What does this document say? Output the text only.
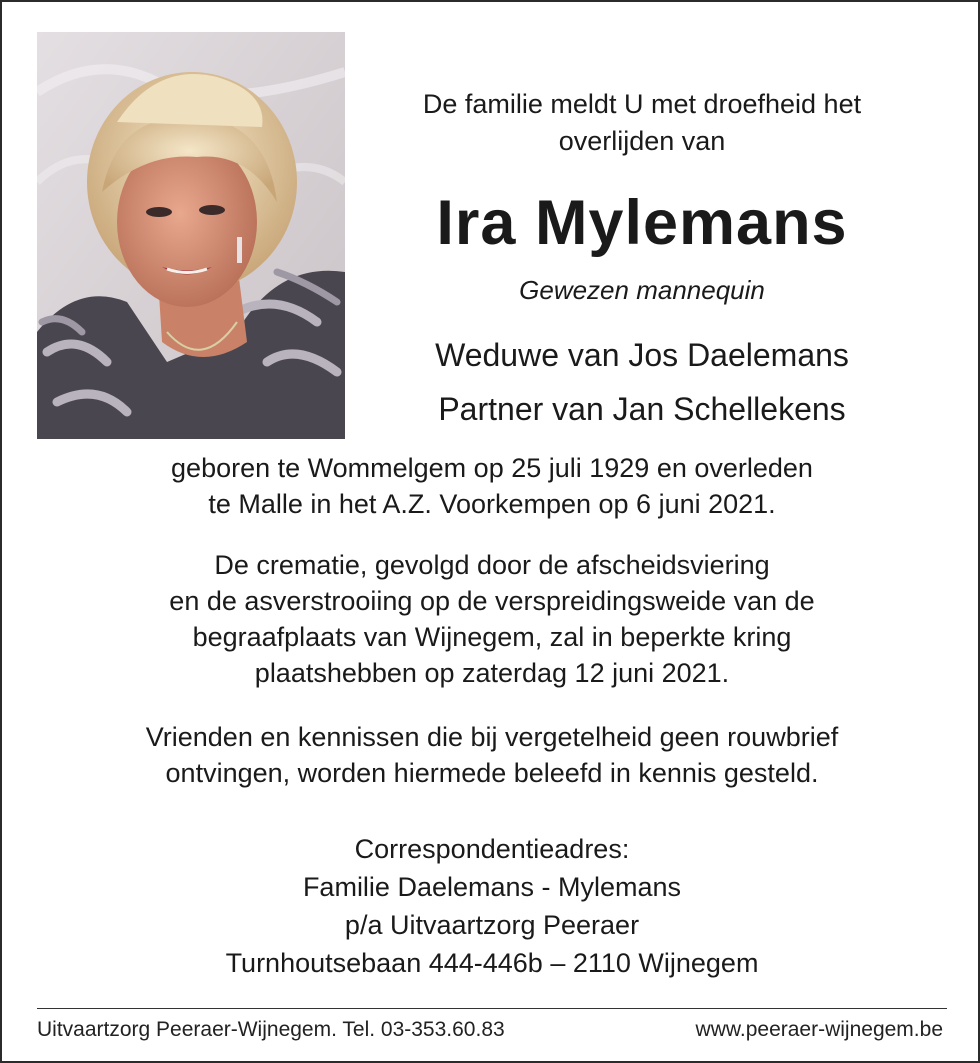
De familie meldt U met droefheid het
overlijden van

Ira Mylemans

Gewezen mannequin

Weduwe van Jos Daelemans

Partner van Jan Schellekens

geboren te Wommelgem op 25 juli 1929 en overleden
te Malle in het A.Z. Voorkempen op 6 juni 2021.

De crematie, gevolgd door de afscheidsviering
en de asverstrooiing op de verspreidingsweide van de
begraafplaats van Wijnegem, zal in beperkte kring
plaatshebben op zaterdag 12 juni 2021.

Vrienden en kennissen die bij vergetelheid geen rouwbrief
ontvingen, worden hiermede beleefd in kennis gesteld.

Correspondentieadres:
Familie Daelemans - Mylemans
p/a Uitvaartzorg Peeraer
Turnhoutsebaan 444-446b – 2110 Wijnegem

Uitvaartzorg Peeraer-Wijnegem. Tel. 03-353.60.83	www.peeraer-wijnegem.be
